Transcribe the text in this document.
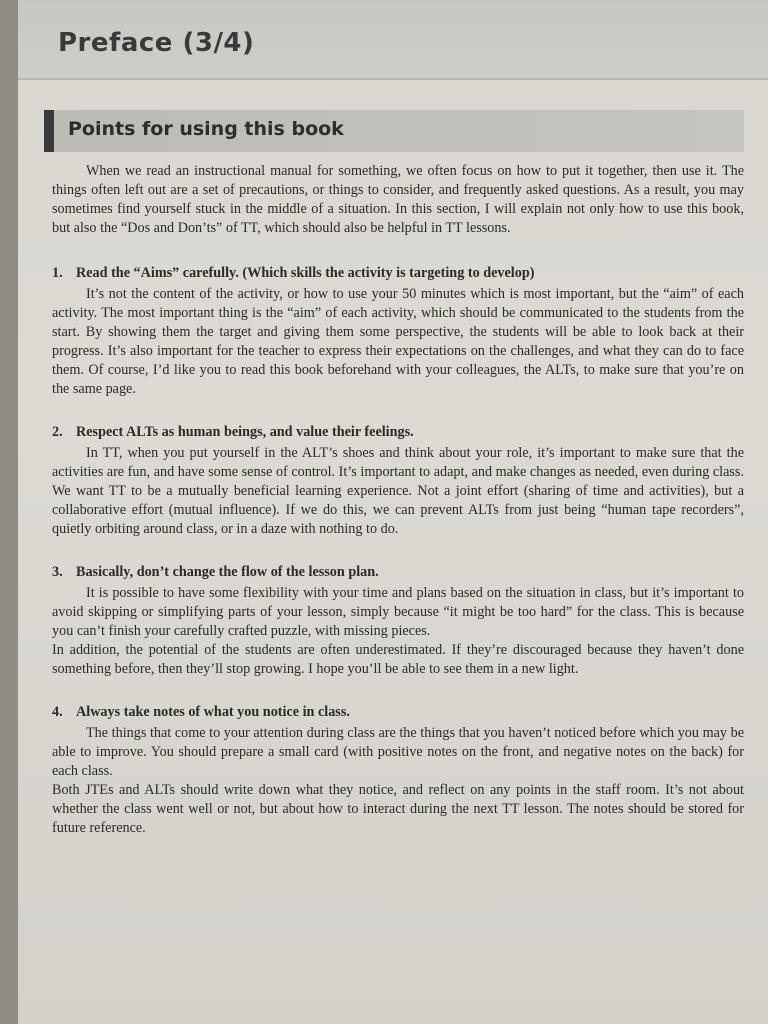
Preface (3/4)
Points for using this book

When we read an instructional manual for something, we often focus on how to put it together, then use it. The things often left out are a set of precautions, or things to consider, and frequently asked questions. As a result, you may sometimes find yourself stuck in the middle of a situation. In this section, I will explain not only how to use this book, but also the “Dos and Don’ts” of TT, which should also be helpful in TT lessons.

1. Read the “Aims” carefully. (Which skills the activity is targeting to develop)

It’s not the content of the activity, or how to use your 50 minutes which is most important, but the “aim” of each activity. The most important thing is the “aim” of each activity, which should be communicated to the students from the start. By showing them the target and giving them some perspective, the students will be able to look back at their progress. It’s also important for the teacher to express their expectations on the challenges, and what they can do to face them. Of course, I’d like you to read this book beforehand with your colleagues, the ALTs, to make sure that you’re on the same page.

2. Respect ALTs as human beings, and value their feelings.

In TT, when you put yourself in the ALT’s shoes and think about your role, it’s important to make sure that the activities are fun, and have some sense of control. It’s important to adapt, and make changes as needed, even during class. We want TT to be a mutually beneficial learning experience. Not a joint effort (sharing of time and activities), but a collaborative effort (mutual influence). If we do this, we can prevent ALTs from just being “human tape recorders”, quietly orbiting around class, or in a daze with nothing to do.

3. Basically, don’t change the flow of the lesson plan.

It is possible to have some flexibility with your time and plans based on the situation in class, but it’s important to avoid skipping or simplifying parts of your lesson, simply because “it might be too hard” for the class. This is because you can’t finish your carefully crafted puzzle, with missing pieces.

In addition, the potential of the students are often underestimated. If they’re discouraged because they haven’t done something before, then they’ll stop growing. I hope you’ll be able to see them in a new light.

4. Always take notes of what you notice in class.

The things that come to your attention during class are the things that you haven’t noticed before which you may be able to improve. You should prepare a small card (with positive notes on the front, and negative notes on the back) for each class.

Both JTEs and ALTs should write down what they notice, and reflect on any points in the staff room. It’s not about whether the class went well or not, but about how to interact during the next TT lesson. The notes should be stored for future reference.
